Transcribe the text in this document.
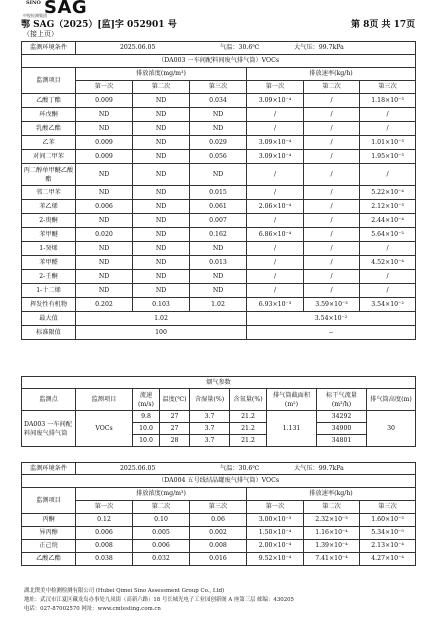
SINO SAG
中锐检测集团
鄂 SAG（2025）[监]字 052901 号	第 8页 共 17页
（接上页）
监测环境条件	2025.06.05 气温：30.6℃ 大气压：99.7kPa					
（DA003 一车间配料间废气排气筒）VOCs						
监测项目	排放浓度(mg/m³)			排放速率(kg/h)		
	第一次	第二次	第三次	第一次	第二次	第三次
乙酸丁酯	0.009	ND	0.034	3.09×10⁻⁴	/	1.18×10⁻³
环戊酮	ND	ND	ND	/	/	/
乳酸乙酯	ND	ND	ND	/	/	/
乙苯	0.009	ND	0.029	3.09×10⁻⁴	/	1.01×10⁻³
对间二甲苯	0.009	ND	0.056	3.09×10⁻⁴	/	1.95×10⁻³
丙二醇单甲醚乙酸酯	ND	ND	ND	/	/	/
邻二甲苯	ND	ND	0.015	/	/	5.22×10⁻⁴
苯乙烯	0.006	ND	0.061	2.06×10⁻⁴	/	2.12×10⁻³
2-庚酮	ND	ND	0.007	/	/	2.44×10⁻⁴
苯甲醚	0.020	ND	0.162	6.86×10⁻⁴	/	5.64×10⁻³
1-癸烯	ND	ND	ND	/	/	/
苯甲醛	ND	ND	0.013	/	/	4.52×10⁻⁴
2-壬酮	ND	ND	ND	/	/	/
1-十二烯	ND	ND	ND	/	/	/
挥发性有机物	0.202	0.103	1.02	6.93×10⁻³	3.59×10⁻³	3.54×10⁻²
最大值	1.02			3.54×10⁻²		
标准限值	100			--		
烟气参数								
监测点	监测项目	流速(m/s)	温度(℃)	含湿量(%)	含氧量(%)	排气筒截面积(m²)	标干气流量(m³/h)	排气筒高度(m)
DA003 一车间配料间废气排气筒	VOCs	9.8	27	3.7	21.2	1.131	34292	30
		10.0	27	3.7	21.2		34900	
		10.0	28	3.7	21.2		34801	
监测环境条件	2025.06.05 气温：30.6℃ 大气压：99.7kPa					
（DA004 五号线结晶罐废气排气筒）VOCs						
监测项目	排放浓度(mg/m³)			排放速率(kg/h)		
	第一次	第二次	第三次	第一次	第二次	第三次
丙酮	0.12	0.10	0.06	3.00×10⁻³	2.32×10⁻³	1.60×10⁻³
异丙醇	0.006	0.005	0.002	1.50×10⁻⁴	1.16×10⁻⁴	5.34×10⁻⁵
正己烷	0.008	0.006	0.008	2.00×10⁻⁴	1.39×10⁻⁴	2.13×10⁻⁴
乙酸乙酯	0.038	0.032	0.016	9.52×10⁻⁴	7.41×10⁻⁴	4.27×10⁻⁴
湖北锲美中检测检测有限公司 (Hubei Qimei Sino Assessment Group Co., Ltd)
地址：武汉市江夏区藏龙岛办事处九凤街（高新六路）18 号长城光电子工业园创新阁 A 座第三层 邮编：430205
电话：027-87002570 网址：www.cmtesting.com.cn
